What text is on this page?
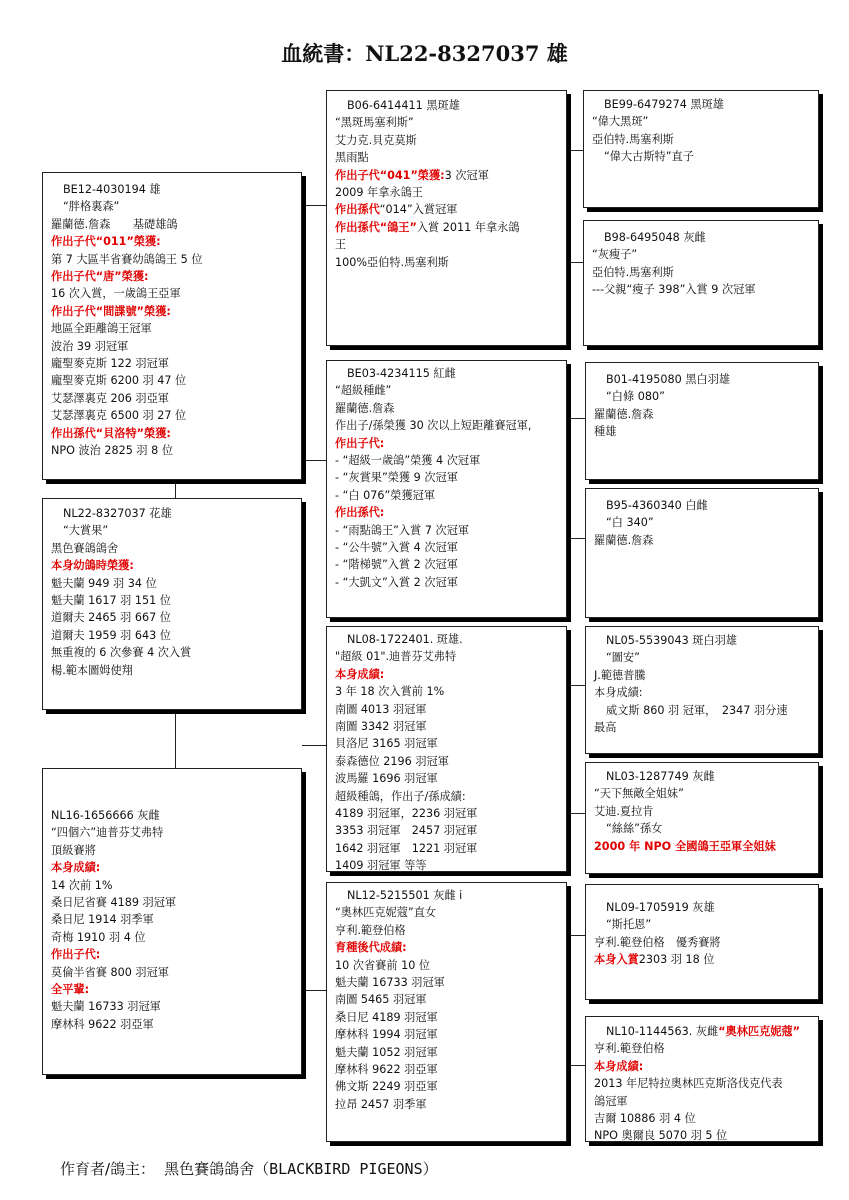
血統書：NL22-8327037 雄
BE12-4030194 雄
“胖格裏森”
羅蘭德.詹森　　基礎雄鴿
作出子代“011”榮獲:
第 7 大區半省賽幼鴿鴿王 5 位
作出子代“唐”榮獲:
16 次入賞，一歲鴿王亞軍
作出子代“間諜號”榮獲:
地區全距離鴿王冠軍
波治 39 羽冠軍
龐聖麥克斯 122 羽冠軍
龐聖麥克斯 6200 羽 47 位
艾瑟澤裏克 206 羽亞軍
艾瑟澤裏克 6500 羽 27 位
作出孫代“貝洛特”榮獲:
NPO 波治 2825 羽 8 位
NL22-8327037 花雄
“大賞果”
黑色賽鴿鴿舍
本身幼鴿時榮獲:
魁夫蘭 949 羽 34 位
魁夫蘭 1617 羽 151 位
道爾夫 2465 羽 667 位
道爾夫 1959 羽 643 位
無重複的 6 次參賽 4 次入賞
楊.範本圖姆使翔
NL16-1656666 灰雌
“四個六”迪普芬艾弗特
頂級賽將
本身成績:
14 次前 1%
桑日尼省賽 4189 羽冠軍
桑日尼 1914 羽季軍
奇梅 1910 羽 4 位
作出子代:
莫倫半省賽 800 羽冠軍
全平輩:
魁夫蘭 16733 羽冠軍
摩林科 9622 羽亞軍
B06-6414411 黑斑雄
“黑斑馬塞利斯”
艾力克.貝克莫斯
黑雨點
作出子代“041”榮獲:3 次冠軍
2009 年拿永鴿王
作出孫代“014”入賞冠軍
作出孫代“鴿王”入賞 2011 年拿永鴿
王
100%亞伯特.馬塞利斯
BE03-4234115 紅雌
“超級種雌”
羅蘭德.詹森
作出子/孫榮獲 30 次以上短距離賽冠軍,
作出子代:
- “超級一歲鴿”榮獲 4 次冠軍
- “灰賞果”榮獲 9 次冠軍
- “白 076”榮獲冠軍
作出孫代:
- “雨點鴿王”入賞 7 次冠軍
- “公牛號”入賞 4 次冠軍
- “階梯號”入賞 2 次冠軍
- “大凱文”入賞 2 次冠軍
NL08-1722401. 斑雄.
"超級 01".迪普芬艾弗特
本身成績:
3 年 18 次入賞前 1%
南圖 4013 羽冠軍
南圖 3342 羽冠軍
貝洛尼 3165 羽冠軍
泰森德位 2196 羽冠軍
波馬羅 1696 羽冠軍
超級種鴿，作出子/孫成績:
4189 羽冠軍，2236 羽冠軍
3353 羽冠軍　2457 羽冠軍
1642 羽冠軍　1221 羽冠軍
1409 羽冠軍 等等
NL12-5215501 灰雌 i
“奧林匹克妮蔻”直女
亨利.範登伯格
育種後代成績:
10 次省賽前 10 位
魁夫蘭 16733 羽冠軍
南圖 5465 羽冠軍
桑日尼 4189 羽冠軍
摩林科 1994 羽冠軍
魁夫蘭 1052 羽冠軍
摩林科 9622 羽亞軍
佛文斯 2249 羽亞軍
拉昂 2457 羽季軍
BE99-6479274 黑斑雄
“偉大黑斑”
亞伯特.馬塞利斯
“偉大古斯特”直子
B98-6495048 灰雌
“灰瘦子”
亞伯特.馬塞利斯
---父親“瘦子 398”入賞 9 次冠軍
B01-4195080 黑白羽雄
“白條 080”
羅蘭德.詹森
種雄
B95-4360340 白雌
“白 340”
羅蘭德.詹森
NL05-5539043 斑白羽雄
“圖安”
J.範德普騰
本身成績:
威文斯 860 羽 冠軍，　2347 羽分速
最高
NL03-1287749 灰雌
“天下無敵全姐妹”
艾迪.夏拉肯
“絲絲”孫女
2000 年 NPO 全國鴿王亞軍全姐妹
NL09-1705919 灰雄
“斯托恩”
亨利.範登伯格　優秀賽將
本身入賞2303 羽 18 位
NL10-1144563. 灰雌“奧林匹克妮蔻”
亨利.範登伯格
本身成績:
2013 年尼特拉奧林匹克斯洛伐克代表
鴿冠軍
吉爾 10886 羽 4 位
NPO 奧爾良 5070 羽 5 位
作育者/鴿主： 黑色賽鴿鴿舍（BLACKBIRD PIGEONS）
